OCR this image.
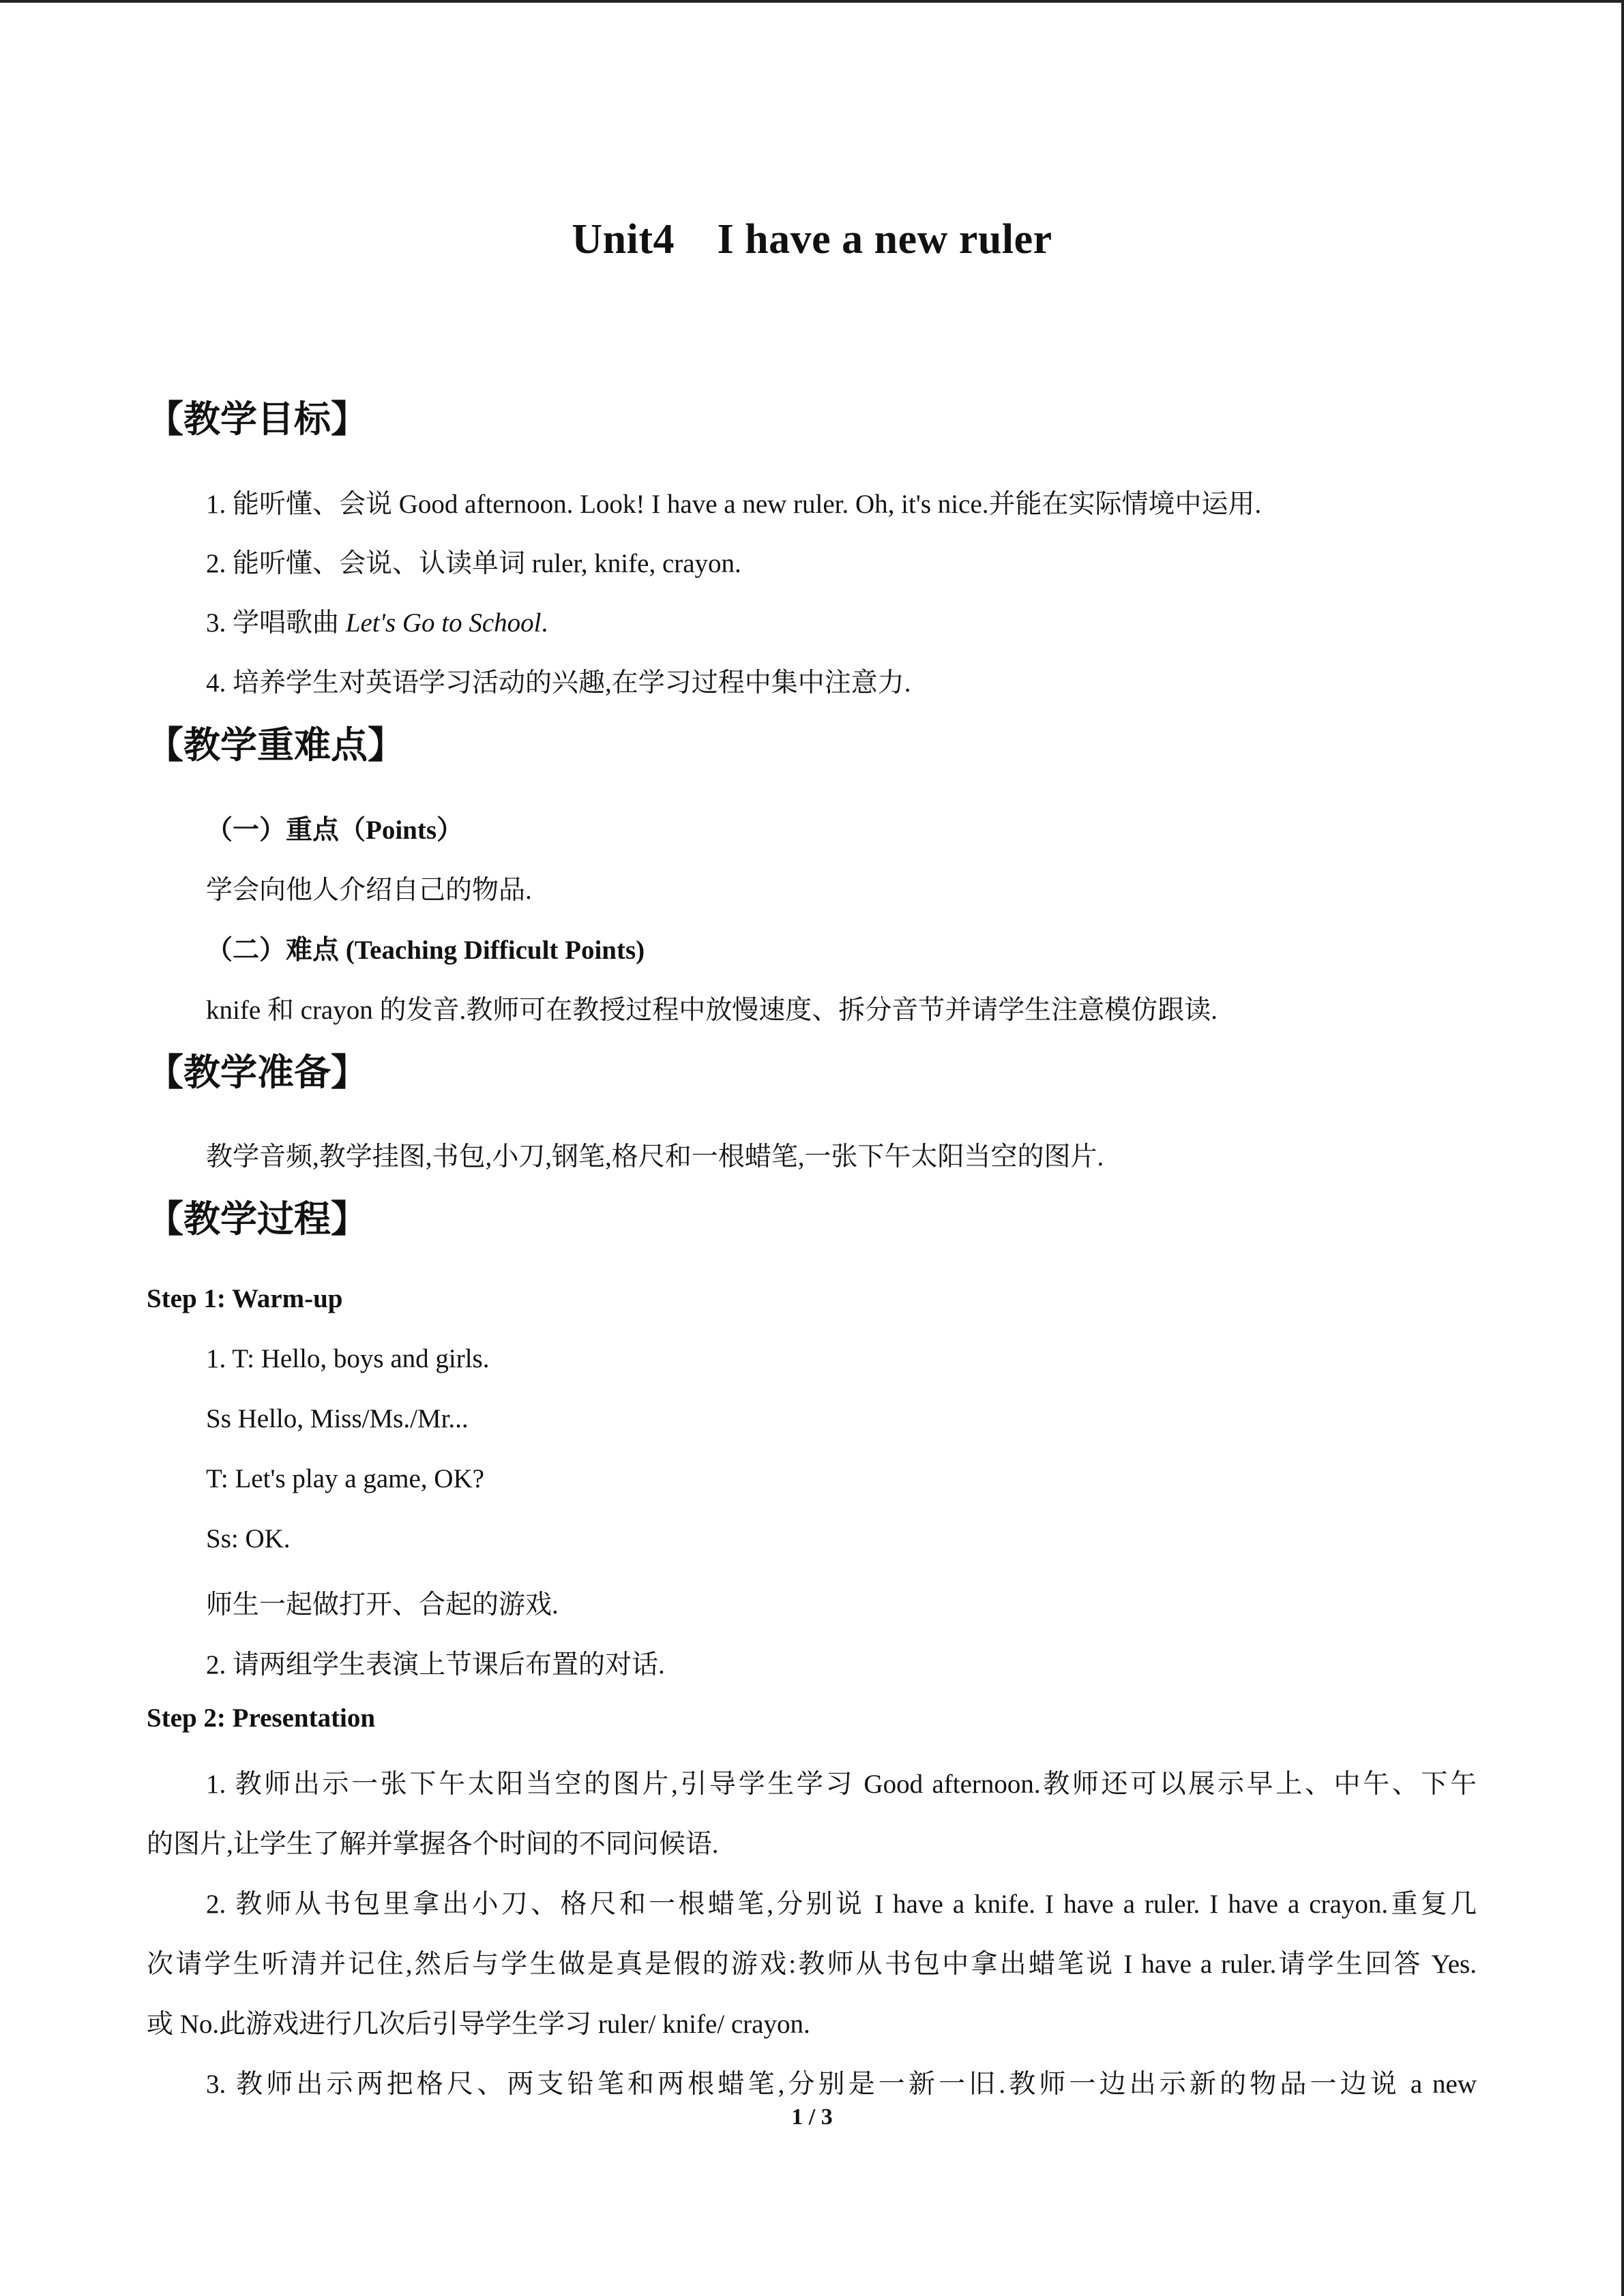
Unit4　I have a new ruler
【教学目标】
1. 能听懂、会说 Good afternoon. Look! I have a new ruler. Oh, it's nice.并能在实际情境中运用.
2. 能听懂、会说、认读单词 ruler, knife, crayon.
3. 学唱歌曲 Let's Go to School.
4. 培养学生对英语学习活动的兴趣,在学习过程中集中注意力.
【教学重难点】
（一）重点（Points）
学会向他人介绍自己的物品.
（二）难点 (Teaching Difficult Points)
knife 和 crayon 的发音.教师可在教授过程中放慢速度、拆分音节并请学生注意模仿跟读.
【教学准备】
教学音频,教学挂图,书包,小刀,钢笔,格尺和一根蜡笔,一张下午太阳当空的图片.
【教学过程】
Step 1: Warm-up
1. T: Hello, boys and girls.
Ss Hello, Miss/Ms./Mr...
T: Let's play a game, OK?
Ss: OK.
师生一起做打开、合起的游戏.
2. 请两组学生表演上节课后布置的对话.
Step 2: Presentation
1. 教师出示一张下午太阳当空的图片,引导学生学习 Good afternoon.教师还可以展示早上、中午、下午
的图片,让学生了解并掌握各个时间的不同问候语.
2. 教师从书包里拿出小刀、格尺和一根蜡笔,分别说 I have a knife. I have a ruler. I have a crayon.重复几
次请学生听清并记住,然后与学生做是真是假的游戏:教师从书包中拿出蜡笔说 I have a ruler.请学生回答 Yes.
或 No.此游戏进行几次后引导学生学习 ruler/ knife/ crayon.
3. 教师出示两把格尺、两支铅笔和两根蜡笔,分别是一新一旧.教师一边出示新的物品一边说 a new
1 / 3
